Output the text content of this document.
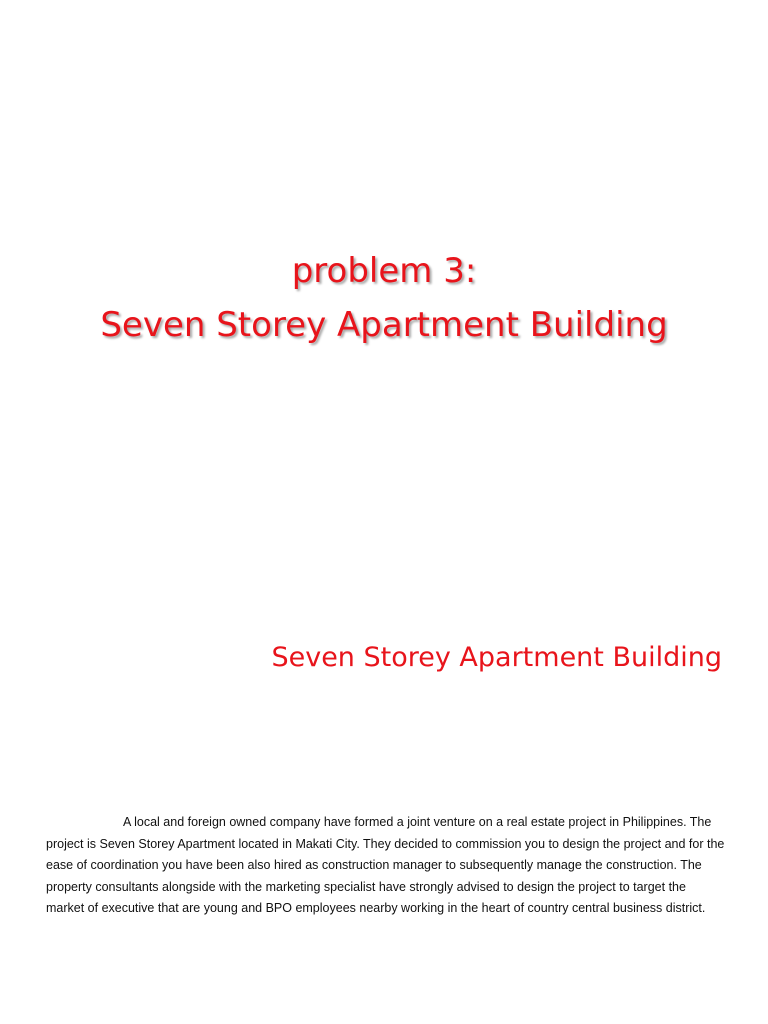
problem 3:

Seven Storey Apartment Building

Seven Storey Apartment Building

A local and foreign owned company have formed a joint venture on a real estate project in Philippines. The project is Seven Storey Apartment located in Makati City. They decided to commission you to design the project and for the ease of coordination you have been also hired as construction manager to subsequently manage the construction. The property consultants alongside with the marketing specialist have strongly advised to design the project to target the market of executive that are young and BPO employees nearby working in the heart of country central business district.
